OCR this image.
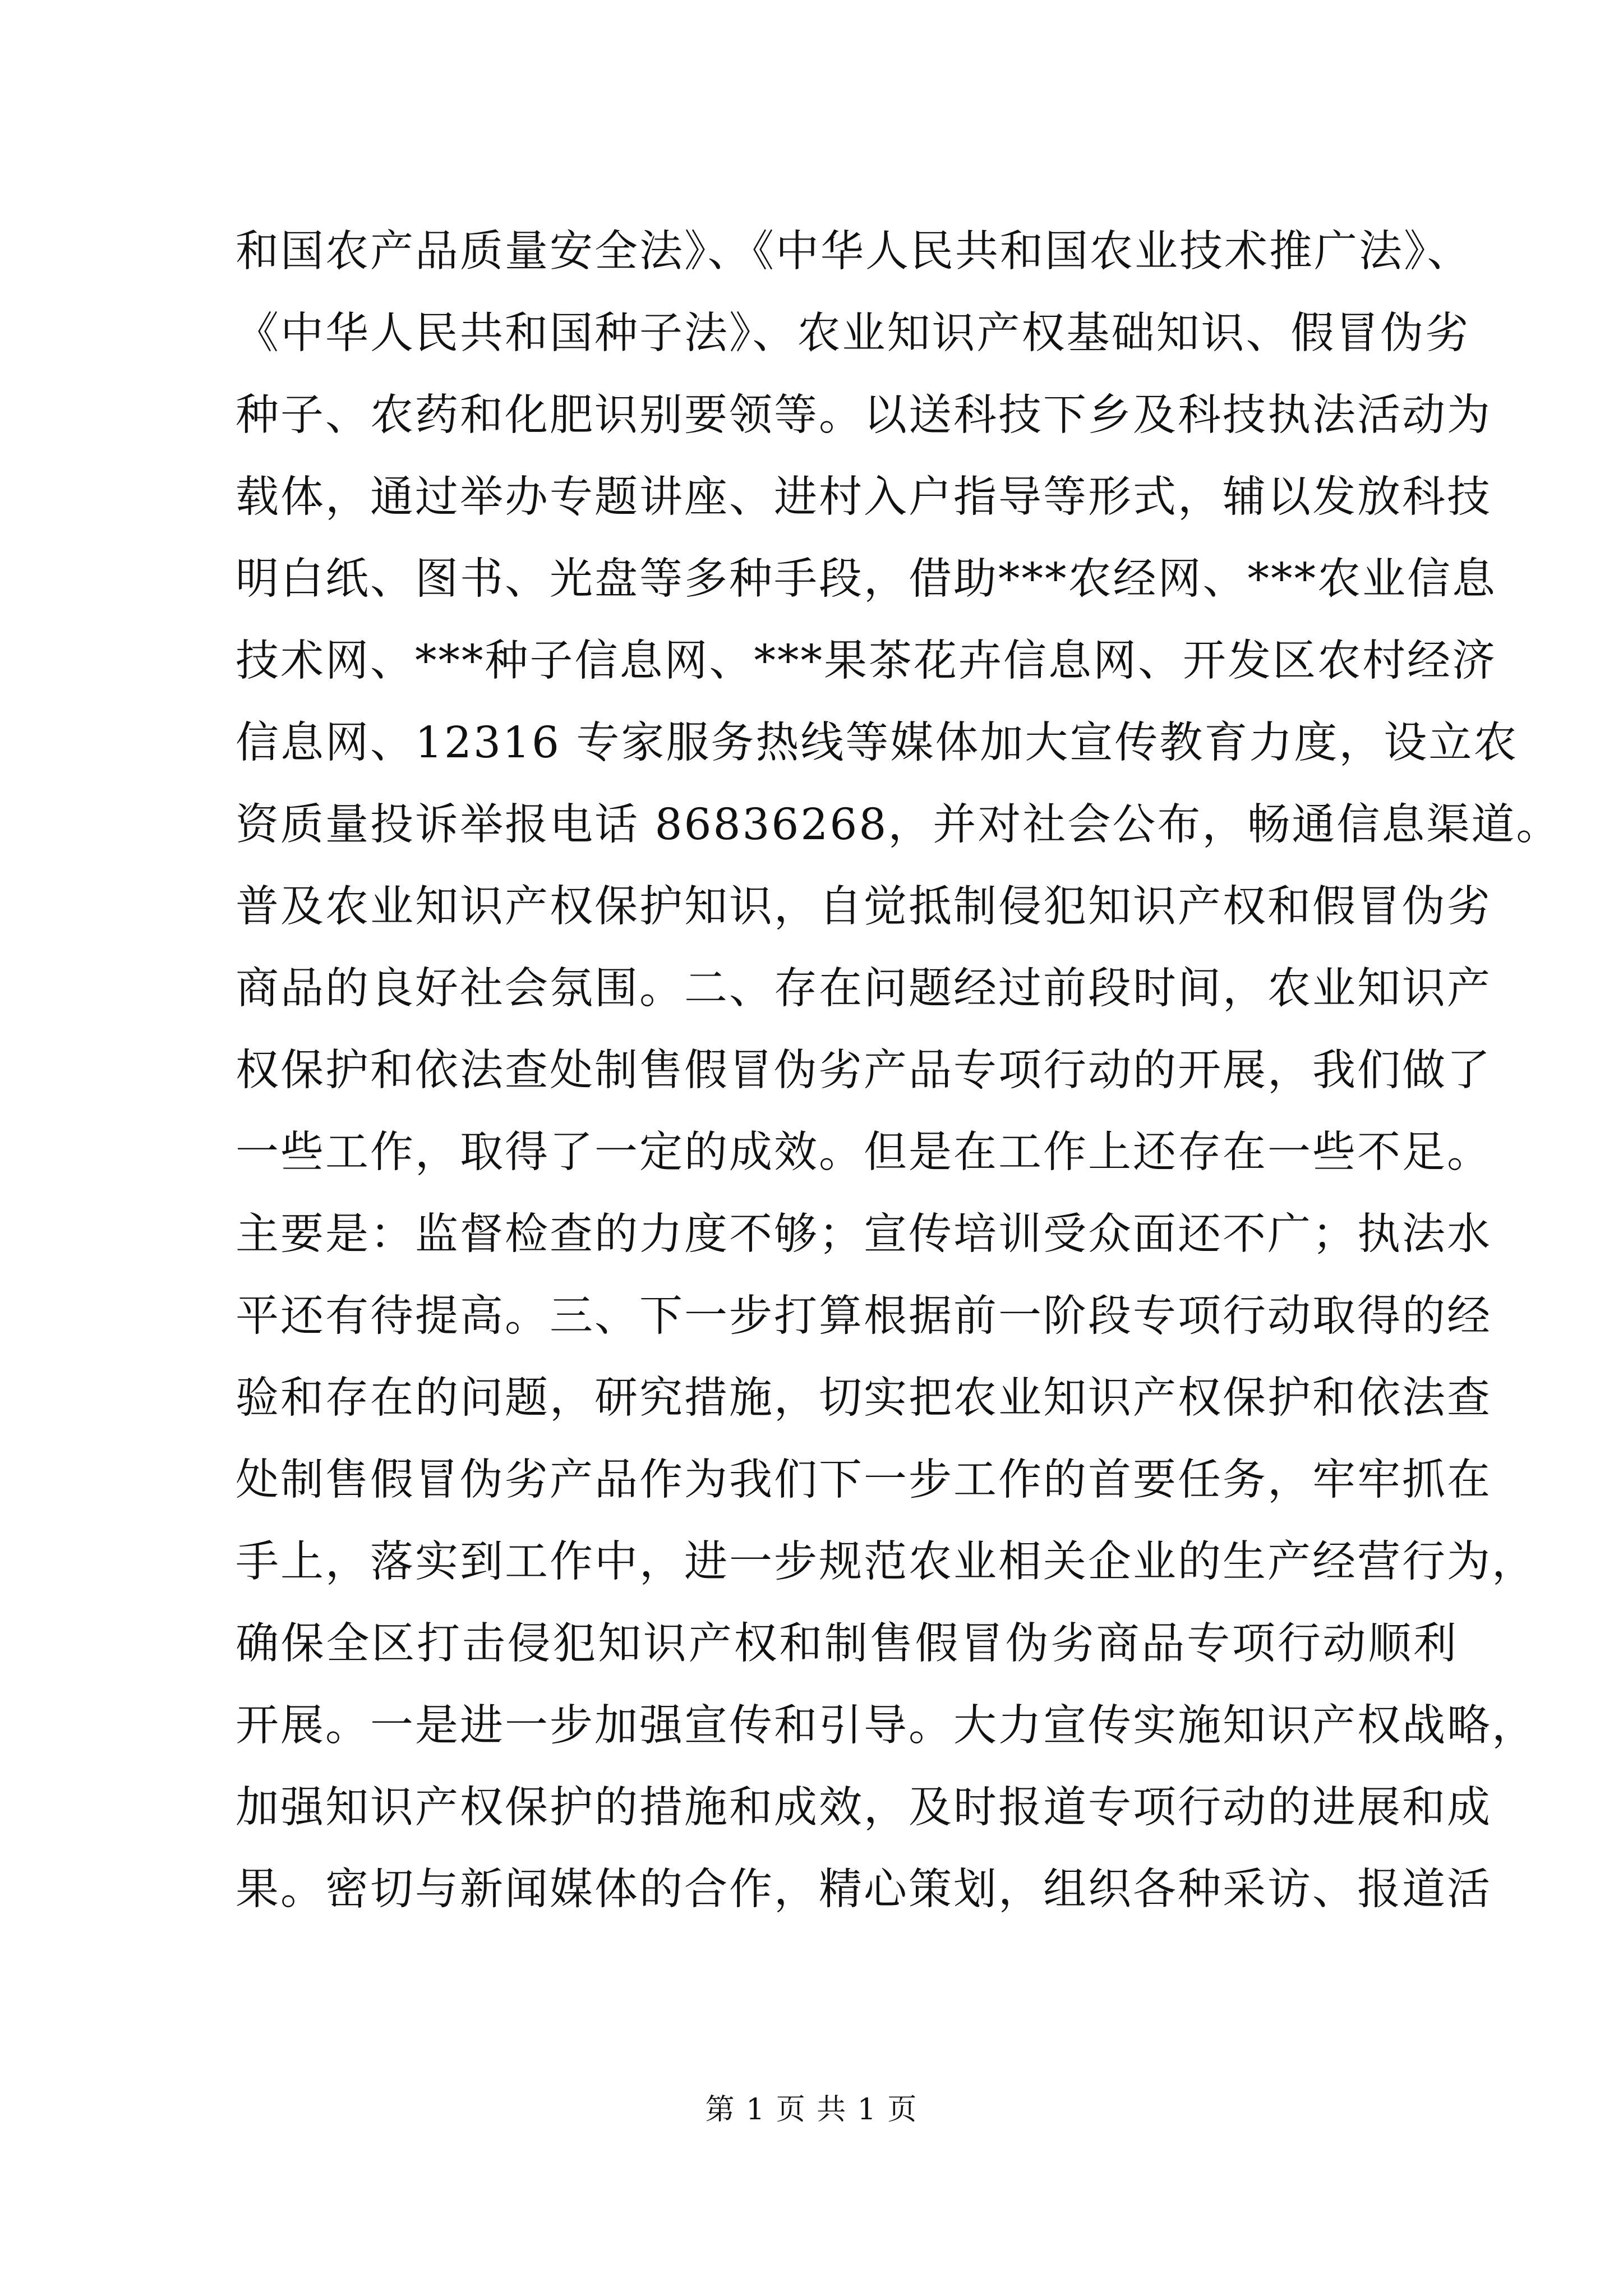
和国农产品质量安全法》、《中华人民共和国农业技术推广法》、
《中华人民共和国种子法》、农业知识产权基础知识、假冒伪劣
种子、农药和化肥识别要领等。以送科技下乡及科技执法活动为
载体，通过举办专题讲座、进村入户指导等形式，辅以发放科技
明白纸、图书、光盘等多种手段，借助***农经网、***农业信息
技术网、***种子信息网、***果茶花卉信息网、开发区农村经济
信息网、12316 专家服务热线等媒体加大宣传教育力度，设立农
资质量投诉举报电话 86836268，并对社会公布，畅通信息渠道。
普及农业知识产权保护知识，自觉抵制侵犯知识产权和假冒伪劣
商品的良好社会氛围。二、存在问题经过前段时间，农业知识产
权保护和依法查处制售假冒伪劣产品专项行动的开展，我们做了
一些工作，取得了一定的成效。但是在工作上还存在一些不足。
主要是：监督检查的力度不够；宣传培训受众面还不广；执法水
平还有待提高。三、下一步打算根据前一阶段专项行动取得的经
验和存在的问题，研究措施，切实把农业知识产权保护和依法查
处制售假冒伪劣产品作为我们下一步工作的首要任务，牢牢抓在
手上，落实到工作中，进一步规范农业相关企业的生产经营行为，
确保全区打击侵犯知识产权和制售假冒伪劣商品专项行动顺利
开展。一是进一步加强宣传和引导。大力宣传实施知识产权战略，
加强知识产权保护的措施和成效，及时报道专项行动的进展和成
果。密切与新闻媒体的合作，精心策划，组织各种采访、报道活
第 1 页 共 1 页
